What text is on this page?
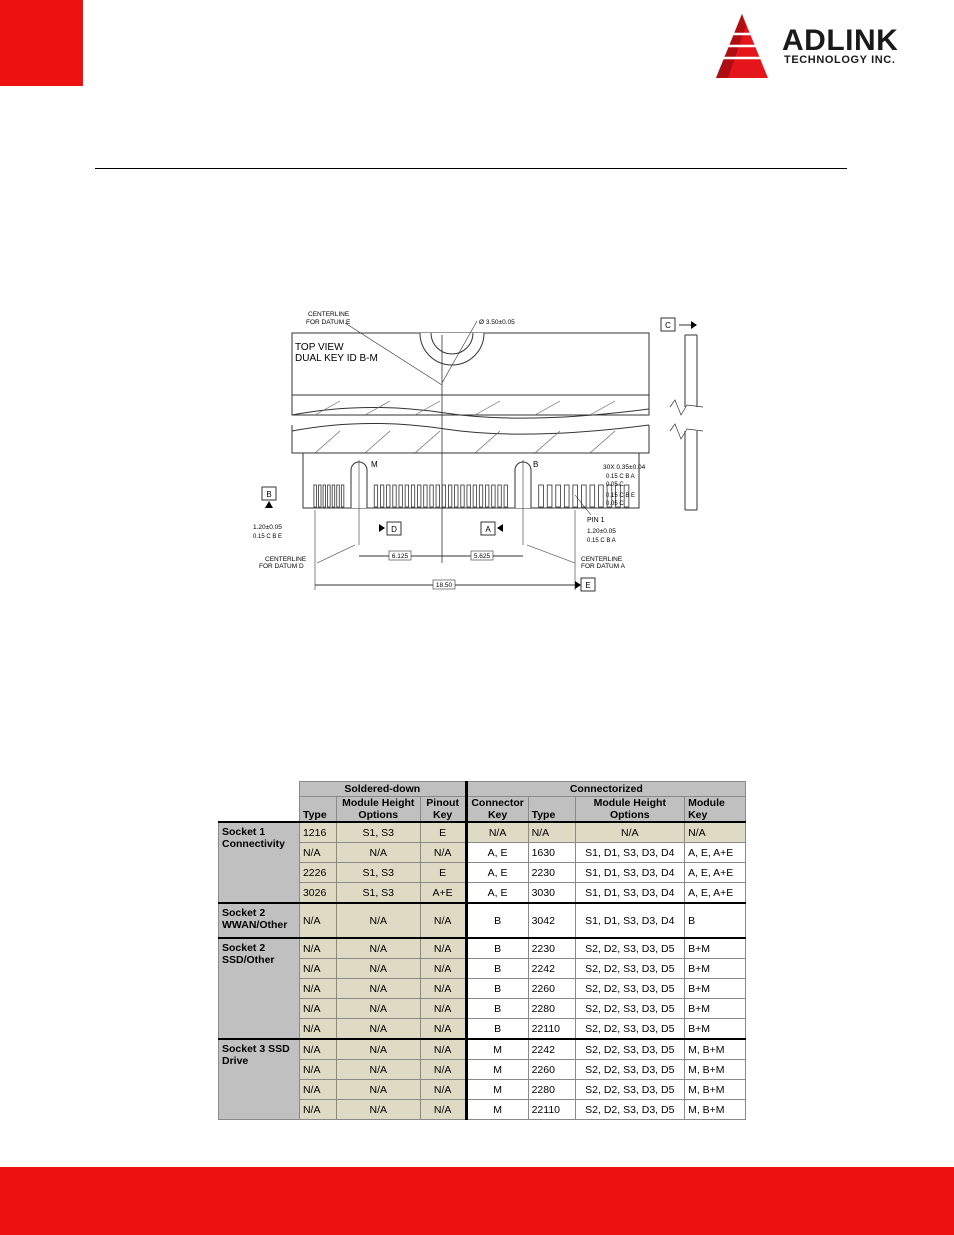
ADLINK
TECHNOLOGY INC.
C
B
D	A
E
CENTERLINE
FOR DATUM E	Ø 3.50±0.05
TOP VIEW
DUAL KEY ID B-M
M	B	30X 0.35±0.04
0.15 C B A
0.05 C
0.15 C B E
0.05 C
PIN 1
1.20±0.05
0.15 C B E
1.20±0.05
0.15 C B A
CENTERLINE
FOR DATUM D
CENTERLINE
FOR DATUM A
6.125	5.625
18.50
	Soldered-down			Connectorized			
	Type	Module Height Options	Pinout Key	Connector Key	Type	Module Height Options	Module Key
Socket 1 Connectivity	1216	S1, S3	E	N/A	N/A	N/A	N/A
	N/A	N/A	N/A	A, E	1630	S1, D1, S3, D3, D4	A, E, A+E
	2226	S1, S3	E	A, E	2230	S1, D1, S3, D3, D4	A, E, A+E
	3026	S1, S3	A+E	A, E	3030	S1, D1, S3, D3, D4	A, E, A+E
Socket 2 WWAN/Other	N/A	N/A	N/A	B	3042	S1, D1, S3, D3, D4	B
Socket 2 SSD/Other	N/A	N/A	N/A	B	2230	S2, D2, S3, D3, D5	B+M
	N/A	N/A	N/A	B	2242	S2, D2, S3, D3, D5	B+M
	N/A	N/A	N/A	B	2260	S2, D2, S3, D3, D5	B+M
	N/A	N/A	N/A	B	2280	S2, D2, S3, D3, D5	B+M
	N/A	N/A	N/A	B	22110	S2, D2, S3, D3, D5	B+M
Socket 3 SSD Drive	N/A	N/A	N/A	M	2242	S2, D2, S3, D3, D5	M, B+M
	N/A	N/A	N/A	M	2260	S2, D2, S3, D3, D5	M, B+M
	N/A	N/A	N/A	M	2280	S2, D2, S3, D3, D5	M, B+M
	N/A	N/A	N/A	M	22110	S2, D2, S3, D3, D5	M, B+M
